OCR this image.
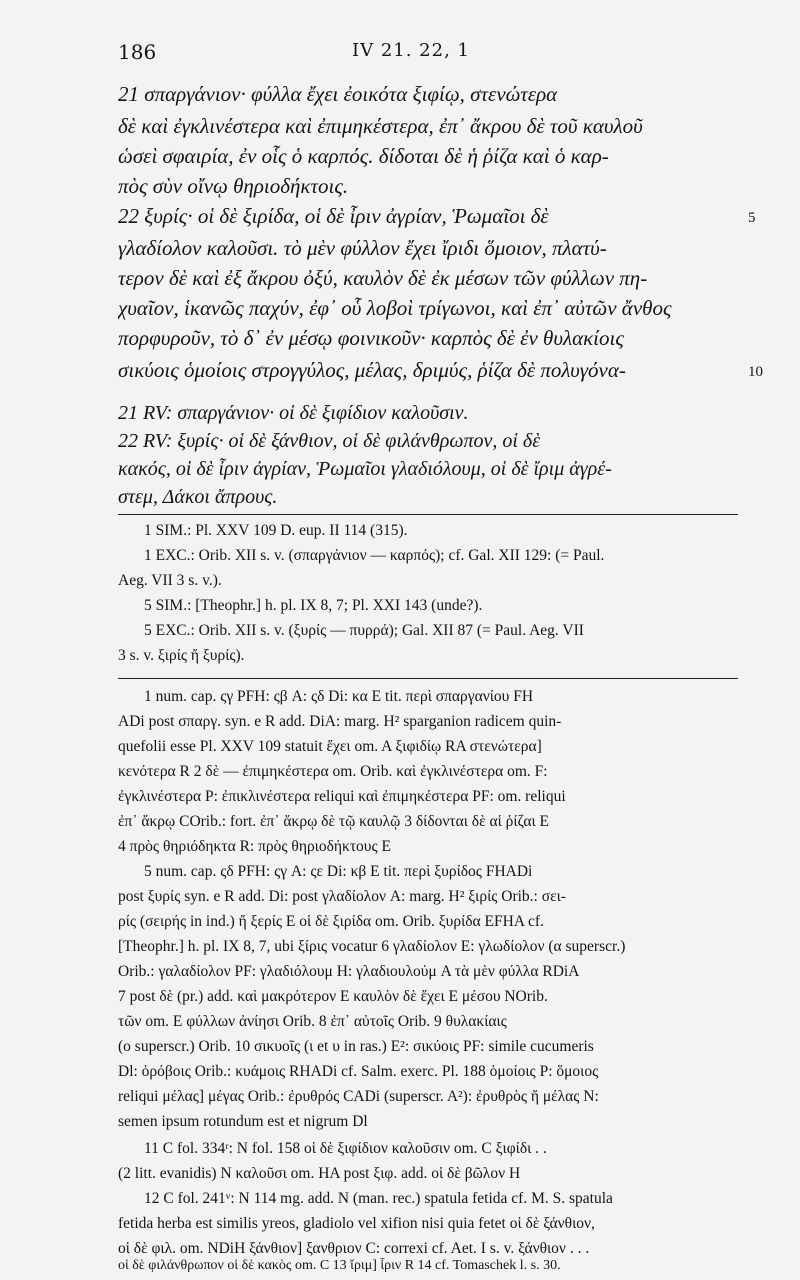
186	IV 21. 22, 1
21 σπαργάνιον· φύλλα ἔχει ἐοικότα ξιφίῳ, στενώτερα
δὲ καὶ ἐγκλινέστερα καὶ ἐπιμηκέστερα, ἐπ᾿ ἄκρου δὲ τοῦ καυλοῦ
ὡσεὶ σφαιρία, ἐν οἷς ὁ καρπός. δίδοται δὲ ἡ ῥίζα καὶ ὁ καρ-
πὸς σὺν οἴνῳ θηριοδήκτοις.
22 ξυρίς· οἱ δὲ ξιρίδα, οἱ δὲ ἶριν ἀγρίαν, Ῥωμαῖοι δὲ
γλαδίολον καλοῦσι. τὸ μὲν φύλλον ἔχει ἴριδι ὅμοιον, πλατύ-
τερον δὲ καὶ ἐξ ἄκρου ὀξύ, καυλὸν δὲ ἐκ μέσων τῶν φύλλων πη-
χυαῖον, ἱκανῶς παχύν, ἐφ᾿ οὗ λοβοὶ τρίγωνοι, καὶ ἐπ᾿ αὐτῶν ἄνθος
πορφυροῦν, τὸ δ᾿ ἐν μέσῳ φοινικοῦν· καρπὸς δὲ ἐν θυλακίοις
σικύοις ὁμοίοις στρογγύλος, μέλας, δριμύς, ῥίζα δὲ πολυγόνα-
5
10
21 RV: σπαργάνιον· οἱ δὲ ξιφίδιον καλοῦσιν.
22 RV: ξυρίς· οἱ δὲ ξάνθιον, οἱ δὲ φιλάνθρωπον, οἱ δὲ
κακός, οἱ δὲ ἶριν ἀγρίαν, Ῥωμαῖοι γλαδιόλουμ, οἱ δὲ ἴριμ ἀγρέ-
στεμ, Δάκοι ἄπρους.
1 SIM.: Pl. XXV 109 D. eup. II 114 (315).
1 EXC.: Orib. XII s. v. (σπαργάνιον — καρπός); cf. Gal. XII 129: (= Paul.
Aeg. VII 3 s. v.).
5 SIM.: [Theophr.] h. pl. IX 8, 7; Pl. XXI 143 (unde?).
5 EXC.: Orib. XII s. v. (ξυρίς — πυρρά); Gal. XII 87 (= Paul. Aeg. VII
3 s. v. ξιρίς ἤ ξυρίς).
1 num. cap. ςγ PFH: ςβ A: ςδ Di: κα E tit. περὶ σπαργανίου FH
ADi post σπαργ. syn. e R add. DiA: marg. H² sparganion radicem quin-
quefolii esse Pl. XXV 109 statuit ἔχει om. A ξιφιδίῳ RA στενώτερα]
κενότερα R 2 δὲ — ἐπιμηκέστερα om. Orib. καὶ ἐγκλινέστερα om. F:
ἐγκλινέστερα P: ἐπικλινέστερα reliqui καὶ ἐπιμηκέστερα PF: om. reliqui
ἐπ᾿ ἄκρῳ COrib.: fort. ἐπ᾿ ἄκρῳ δὲ τῷ καυλῷ 3 δίδονται δὲ αἱ ῥίζαι E
4 πρὸς θηριόδηκτα R: πρὸς θηριοδήκτους E
5 num. cap. ςδ PFH: ςγ A: ςε Di: κβ E tit. περὶ ξυρίδος FHADi
post ξυρίς syn. e R add. Di: post γλαδίολον A: marg. H² ξιρίς Orib.: σει-
ρίς (σειρής in ind.) ἤ ξερίς E οἱ δὲ ξιρίδα om. Orib. ξυρίδα EFHA cf.
[Theophr.] h. pl. IX 8, 7, ubi ξίρις vocatur 6 γλαδίολον E: γλωδίολον (α superscr.)
Orib.: γαλαδίολον PF: γλαδιόλουμ H: γλαδιουλούμ A τὰ μὲν φύλλα RDiA
7 post δὲ (pr.) add. καὶ μακρότερον E καυλὸν δὲ ἔχει E μέσου NOrib.
τῶν om. E φύλλων ἀνίησι Orib. 8 ἐπ᾿ αὐτοῖς Orib. 9 θυλακίαις
(o superscr.) Orib. 10 σικυοῖς (ι et υ in ras.) E²: σικύοις PF: simile cucumeris
Dl: ὀρόβοις Orib.: κυάμοις RHADi cf. Salm. exerc. Pl. 188 ὁμοίοις P: ὅμοιος
reliqui μέλας] μέγας Orib.: ἐρυθρός CADi (superscr. A²): ἐρυθρὸς ἤ μέλας N:
semen ipsum rotundum est et nigrum Dl
11 C fol. 334ʳ: N fol. 158 οἱ δὲ ξιφίδιον καλοῦσιν om. C ξιφίδι . .
(2 litt. evanidis) N καλοῦσι om. HA post ξιφ. add. οἱ δὲ βῶλον H
12 C fol. 241ᵛ: N 114 mg. add. N (man. rec.) spatula fetida cf. M. S. spatula
fetida herba est similis yreos, gladiolo vel xifion nisi quia fetet οἱ δὲ ξάνθιον,
οἱ δὲ φιλ. om. NDiH ξάνθιον] ξανθριον C: correxi cf. Aet. I s. v. ξάνθιον . . .
οἱ δὲ φιλάνθρωπον οἱ δὲ κακὸς om. C 13 ἴριμ] ἶριν R 14 cf. Tomaschek l. s. 30.
